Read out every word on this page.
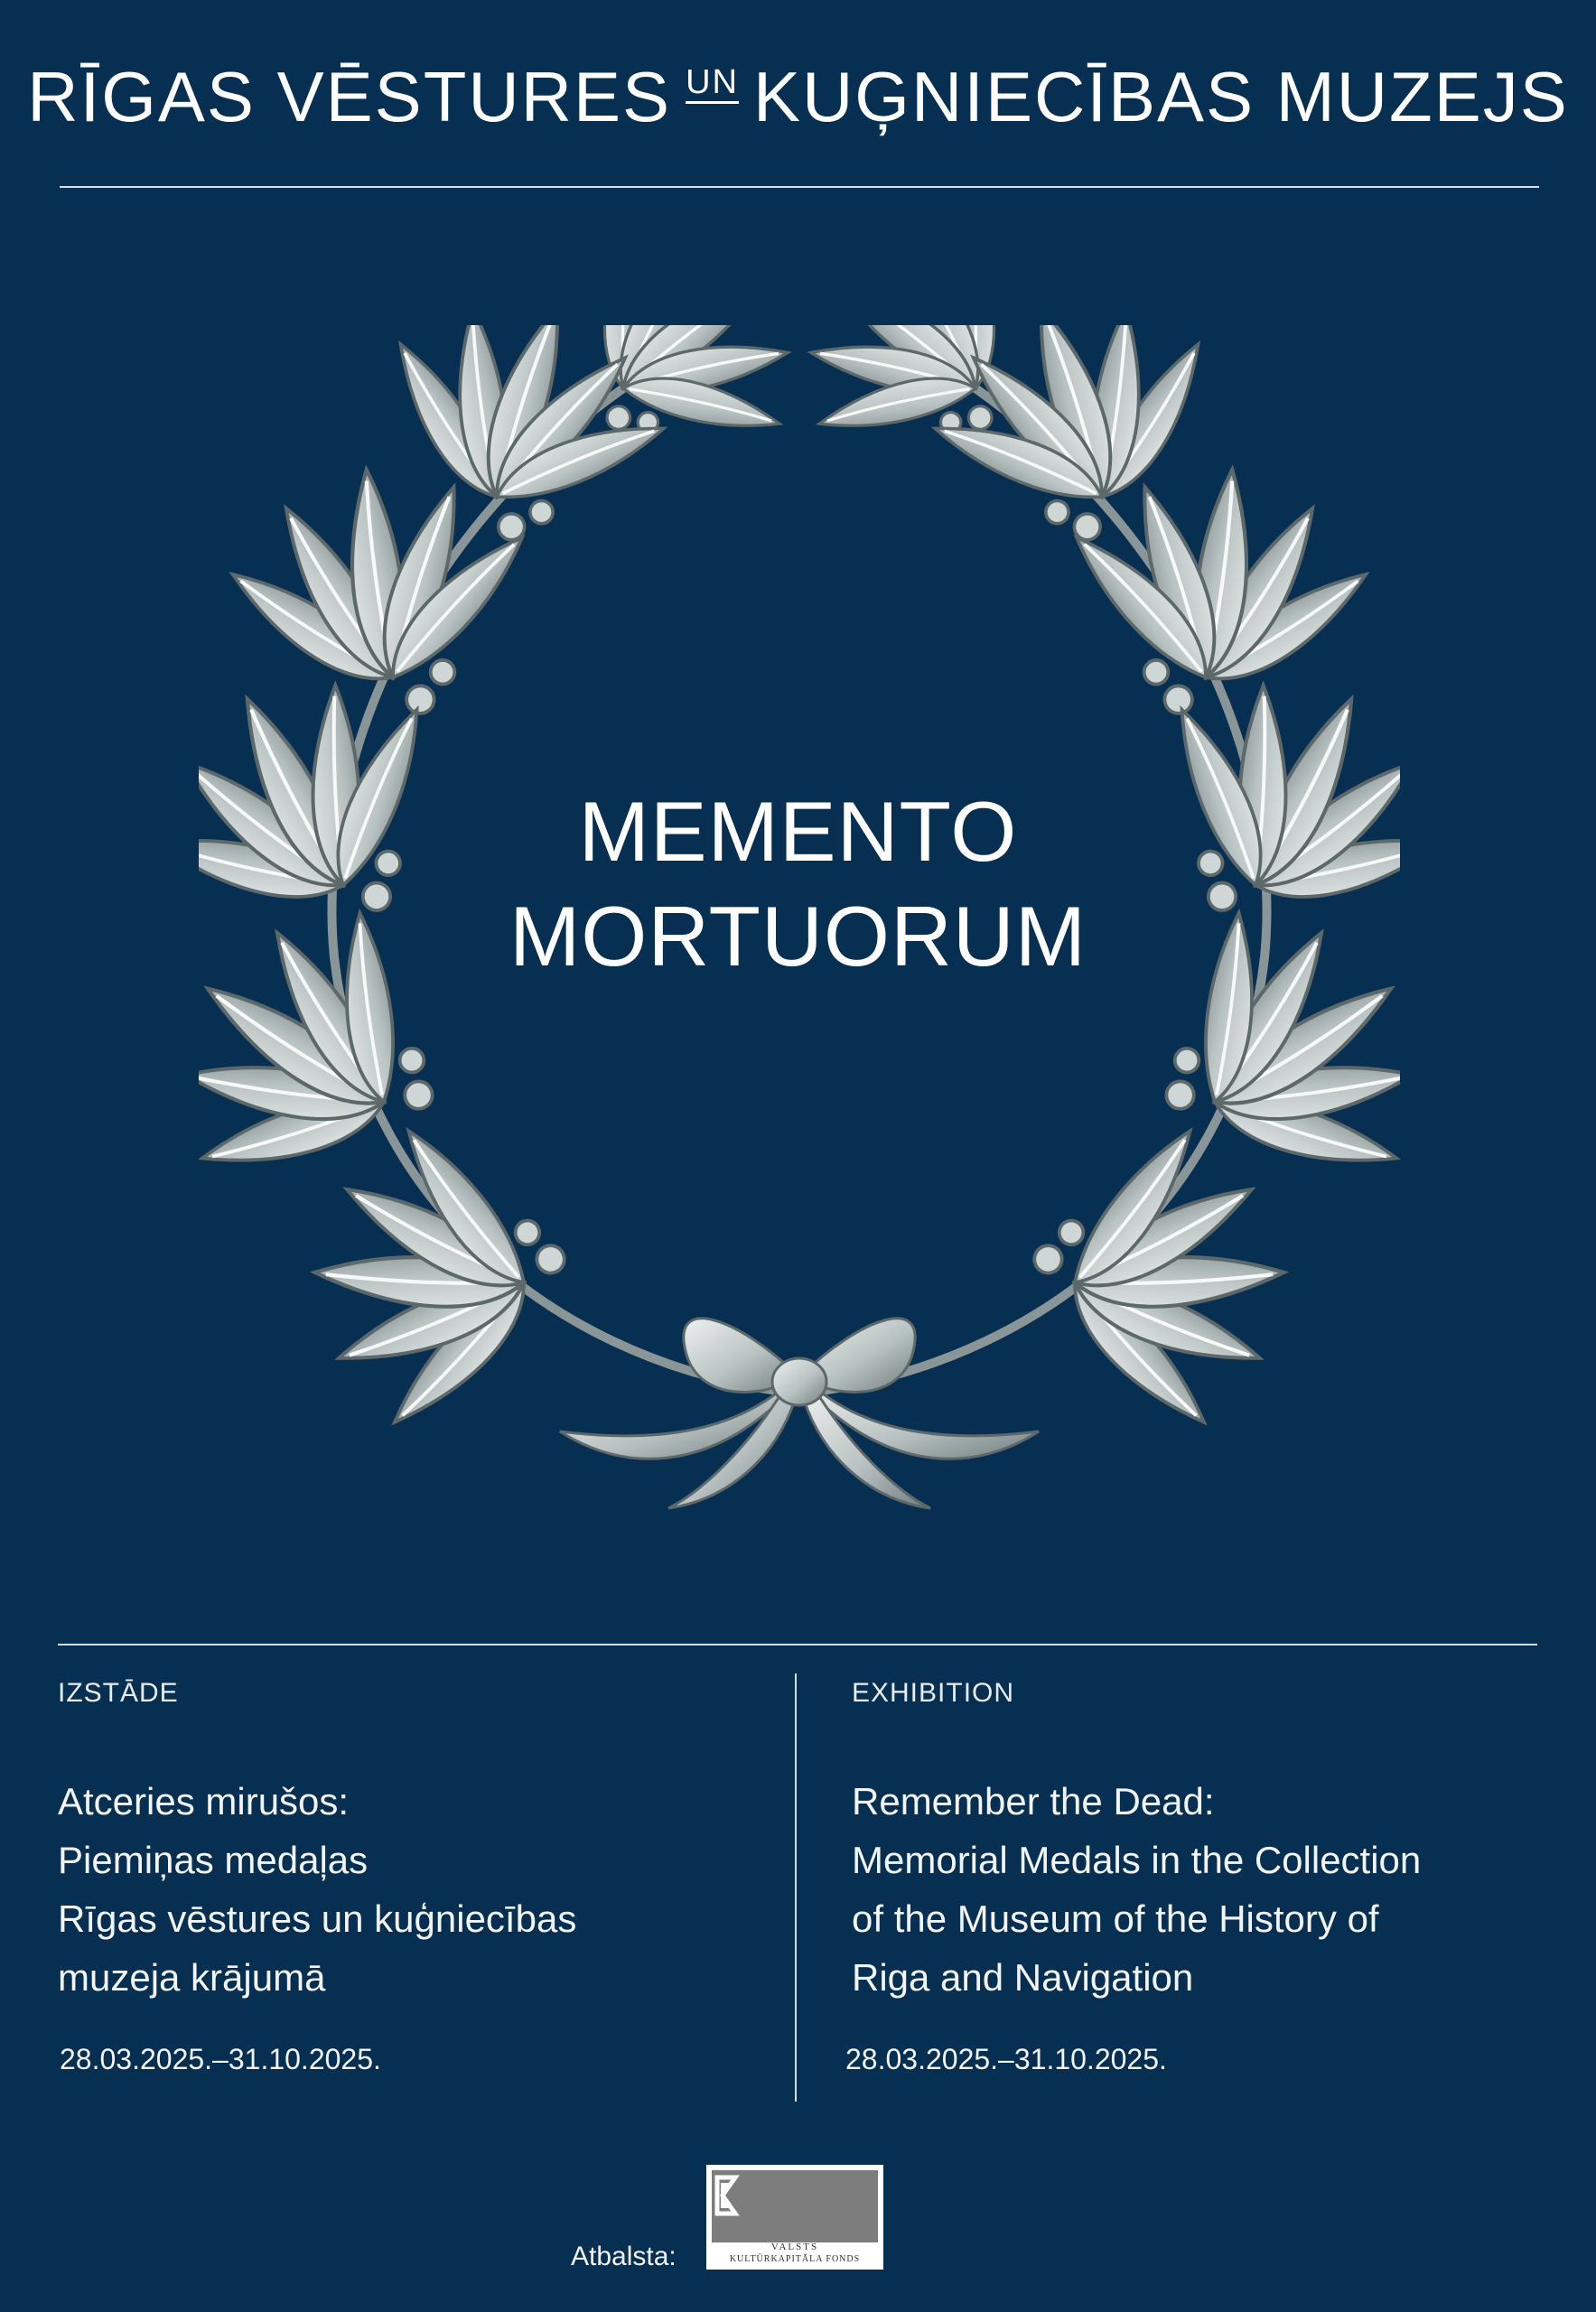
RĪGAS VĒSTURES UN KUĢNIECĪBAS MUZEJS
MEMENTO
MORTUORUM
IZSTĀDE
Atceries mirušos:
Piemiņas medaļas
Rīgas vēstures un kuģniecības
muzeja krājumā
28.03.2025.–31.10.2025.
EXHIBITION
Remember the Dead:
Memorial Medals in the Collection
of the Museum of the History of
Riga and Navigation
28.03.2025.–31.10.2025.
Atbalsta:	VALSTS
KULTŪRKAPITĀLA FONDS
